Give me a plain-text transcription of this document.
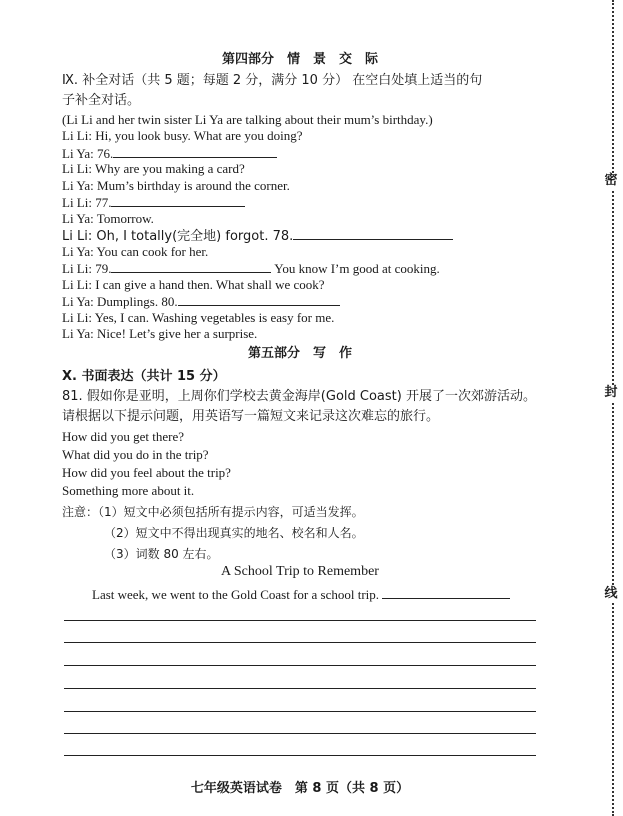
第四部分　情　景　交　际
Ⅸ. 补全对话（共 5 题；每题 2 分，满分 10 分） 在空白处填上适当的句
子补全对话。
(Li Li and her twin sister Li Ya are talking about their mum’s birthday.)
Li Li: Hi, you look busy. What are you doing?
Li Ya: 76.
Li Li: Why are you making a card?
Li Ya: Mum’s birthday is around the corner.
Li Li: 77.
Li Ya: Tomorrow.
Li Li: Oh, I totally(完全地) forgot. 78.
Li Ya: You can cook for her.
Li Li: 79.	You know I’m good at cooking.
Li Li: I can give a hand then. What shall we cook?
Li Ya: Dumplings. 80.
Li Li: Yes, I can. Washing vegetables is easy for me.
Li Ya: Nice! Let’s give her a surprise.
第五部分　写　作
Ⅹ. 书面表达（共计 15 分）
81. 假如你是亚明，上周你们学校去黄金海岸(Gold Coast) 开展了一次郊游活动。
请根据以下提示问题，用英语写一篇短文来记录这次难忘的旅行。
How did you get there?
What did you do in the trip?
How did you feel about the trip?
Something more about it.
注意：（1）短文中必须包括所有提示内容，可适当发挥。
（2）短文中不得出现真实的地名、校名和人名。
（3）词数 80 左右。
A School Trip to Remember
Last week, we went to the Gold Coast for a school trip.
七年级英语试卷　第 8 页（共 8 页）
密
封
线
